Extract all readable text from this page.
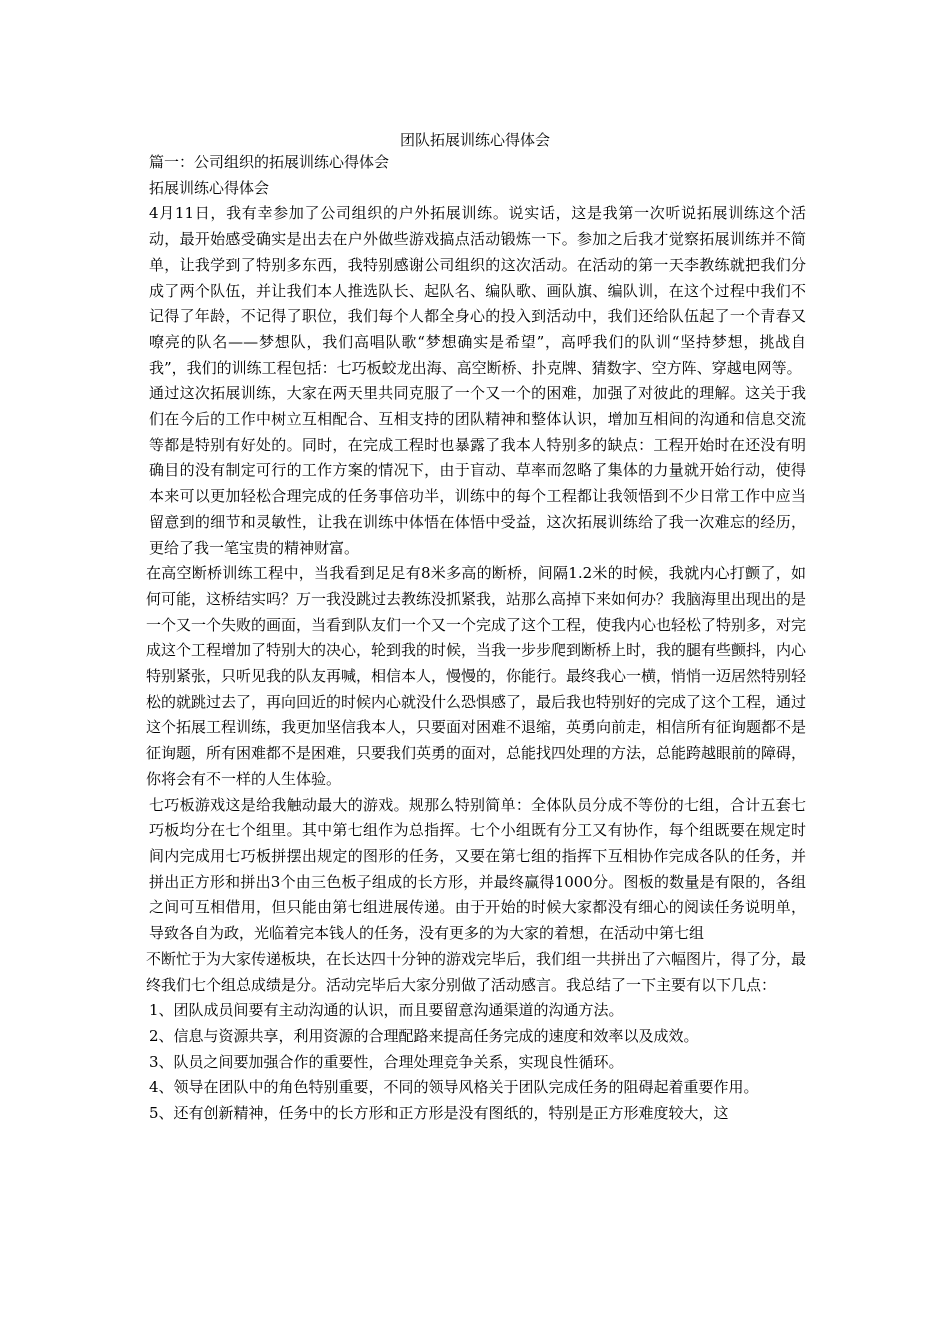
团队拓展训练心得体会

篇一：公司组织的拓展训练心得体会

拓展训练心得体会

4月11日，我有幸参加了公司组织的户外拓展训练。说实话，这是我第一次听说拓展训练这个活动，最开始感受确实是出去在户外做些游戏搞点活动锻炼一下。参加之后我才觉察拓展训练并不简单，让我学到了特别多东西，我特别感谢公司组织的这次活动。在活动的第一天李教练就把我们分成了两个队伍，并让我们本人推选队长、起队名、编队歌、画队旗、编队训，在这个过程中我们不记得了年龄，不记得了职位，我们每个人都全身心的投入到活动中，我们还给队伍起了一个青春又嘹亮的队名——梦想队，我们高唱队歌“梦想确实是希望”，高呼我们的队训“坚持梦想，挑战自我”，我们的训练工程包括：七巧板蛟龙出海、高空断桥、扑克牌、猜数字、空方阵、穿越电网等。

通过这次拓展训练，大家在两天里共同克服了一个又一个的困难，加强了对彼此的理解。这关于我们在今后的工作中树立互相配合、互相支持的团队精神和整体认识，增加互相间的沟通和信息交流等都是特别有好处的。同时，在完成工程时也暴露了我本人特别多的缺点：工程开始时在还没有明确目的没有制定可行的工作方案的情况下，由于盲动、草率而忽略了集体的力量就开始行动，使得本来可以更加轻松合理完成的任务事倍功半，训练中的每个工程都让我领悟到不少日常工作中应当留意到的细节和灵敏性，让我在训练中体悟在体悟中受益，这次拓展训练给了我一次难忘的经历，更给了我一笔宝贵的精神财富。

在高空断桥训练工程中，当我看到足足有8米多高的断桥，间隔1.2米的时候，我就内心打颤了，如何可能，这桥结实吗？万一我没跳过去教练没抓紧我，站那么高掉下来如何办？我脑海里出现出的是一个又一个失败的画面，当看到队友们一个又一个完成了这个工程，使我内心也轻松了特别多，对完成这个工程增加了特别大的决心，轮到我的时候，当我一步步爬到断桥上时，我的腿有些颤抖，内心特别紧张，只听见我的队友再喊，相信本人，慢慢的，你能行。最终我心一横，悄悄一迈居然特别轻松的就跳过去了，再向回近的时候内心就没什么恐惧感了，最后我也特别好的完成了这个工程，通过这个拓展工程训练，我更加坚信我本人，只要面对困难不退缩，英勇向前走，相信所有征询题都不是征询题，所有困难都不是困难，只要我们英勇的面对，总能找四处理的方法，总能跨越眼前的障碍，你将会有不一样的人生体验。

七巧板游戏这是给我触动最大的游戏。规那么特别简单：全体队员分成不等份的七组，合计五套七巧板均分在七个组里。其中第七组作为总指挥。七个小组既有分工又有协作，每个组既要在规定时间内完成用七巧板拼摆出规定的图形的任务，又要在第七组的指挥下互相协作完成各队的任务，并拼出正方形和拼出3个由三色板子组成的长方形，并最终赢得1000分。图板的数量是有限的，各组之间可互相借用，但只能由第七组进展传递。由于开始的时候大家都没有细心的阅读任务说明单，导致各自为政，光临着完本钱人的任务，没有更多的为大家的着想，在活动中第七组

不断忙于为大家传递板块，在长达四十分钟的游戏完毕后，我们组一共拼出了六幅图片，得了分，最终我们七个组总成绩是分。活动完毕后大家分别做了活动感言。我总结了一下主要有以下几点：

1、团队成员间要有主动沟通的认识，而且要留意沟通渠道的沟通方法。

2、信息与资源共享，利用资源的合理配路来提高任务完成的速度和效率以及成效。

3、队员之间要加强合作的重要性，合理处理竞争关系，实现良性循环。

4、领导在团队中的角色特别重要，不同的领导风格关于团队完成任务的阻碍起着重要作用。

5、还有创新精神，任务中的长方形和正方形是没有图纸的，特别是正方形难度较大，这
